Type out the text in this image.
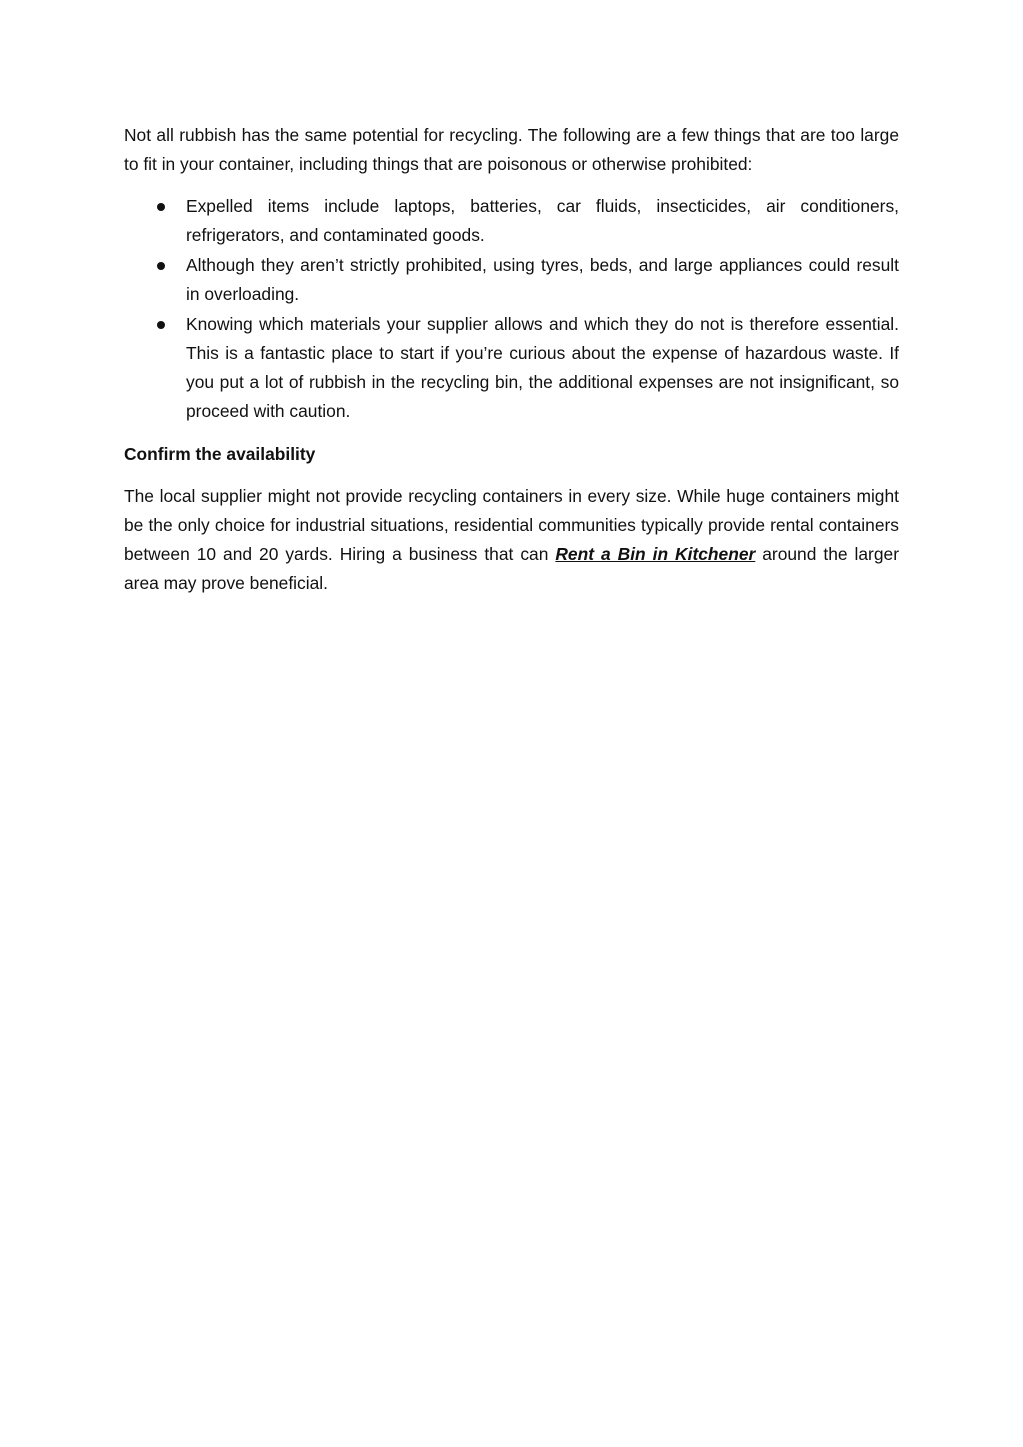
Not all rubbish has the same potential for recycling. The following are a few things that are too large to fit in your container, including things that are poisonous or otherwise prohibited:

Expelled items include laptops, batteries, car fluids, insecticides, air conditioners, refrigerators, and contaminated goods.
Although they aren’t strictly prohibited, using tyres, beds, and large appliances could result in overloading.
Knowing which materials your supplier allows and which they do not is therefore essential. This is a fantastic place to start if you’re curious about the expense of hazardous waste. If you put a lot of rubbish in the recycling bin, the additional expenses are not insignificant, so proceed with caution.

Confirm the availability

The local supplier might not provide recycling containers in every size. While huge containers might be the only choice for industrial situations, residential communities typically provide rental containers between 10 and 20 yards. Hiring a business that can Rent a Bin in Kitchener around the larger area may prove beneficial.
